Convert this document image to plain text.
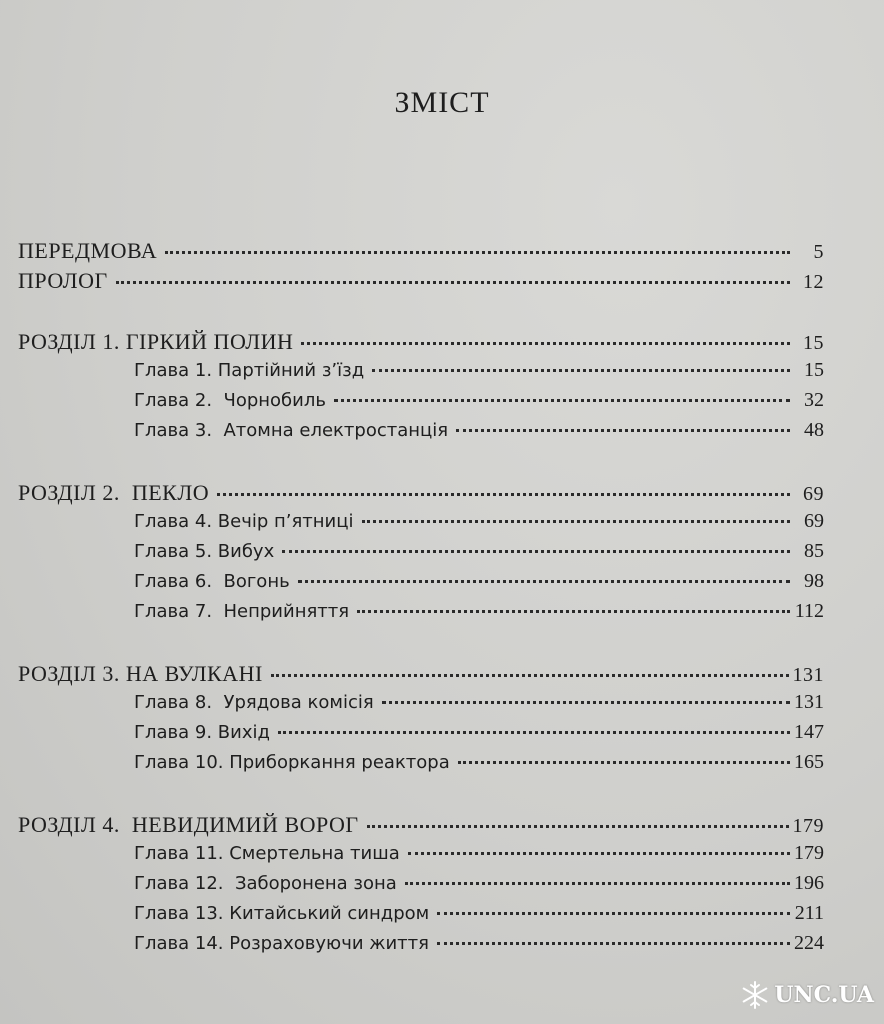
ЗМІСТ
ПЕРЕДМОВА	5
ПРОЛОГ	12
РОЗДІЛ 1. ГІРКИЙ ПОЛИН	15
Глава 1. Партійний з’їзд	15
Глава 2.  Чорнобиль	32
Глава 3.  Атомна електростанція	48
РОЗДІЛ 2.  ПЕКЛО	69
Глава 4. Вечір п’ятниці	69
Глава 5. Вибух	85
Глава 6.  Вогонь	98
Глава 7.  Неприйняття	112
РОЗДІЛ 3. НА ВУЛКАНІ	131
Глава 8.  Урядова комісія	131
Глава 9. Вихід	147
Глава 10. Приборкання реактора	165
РОЗДІЛ 4.  НЕВИДИМИЙ ВОРОГ	179
Глава 11. Смертельна тиша	179
Глава 12.  Заборонена зона	196
Глава 13. Китайський синдром	211
Глава 14. Розраховуючи життя	224
UNC.UA
